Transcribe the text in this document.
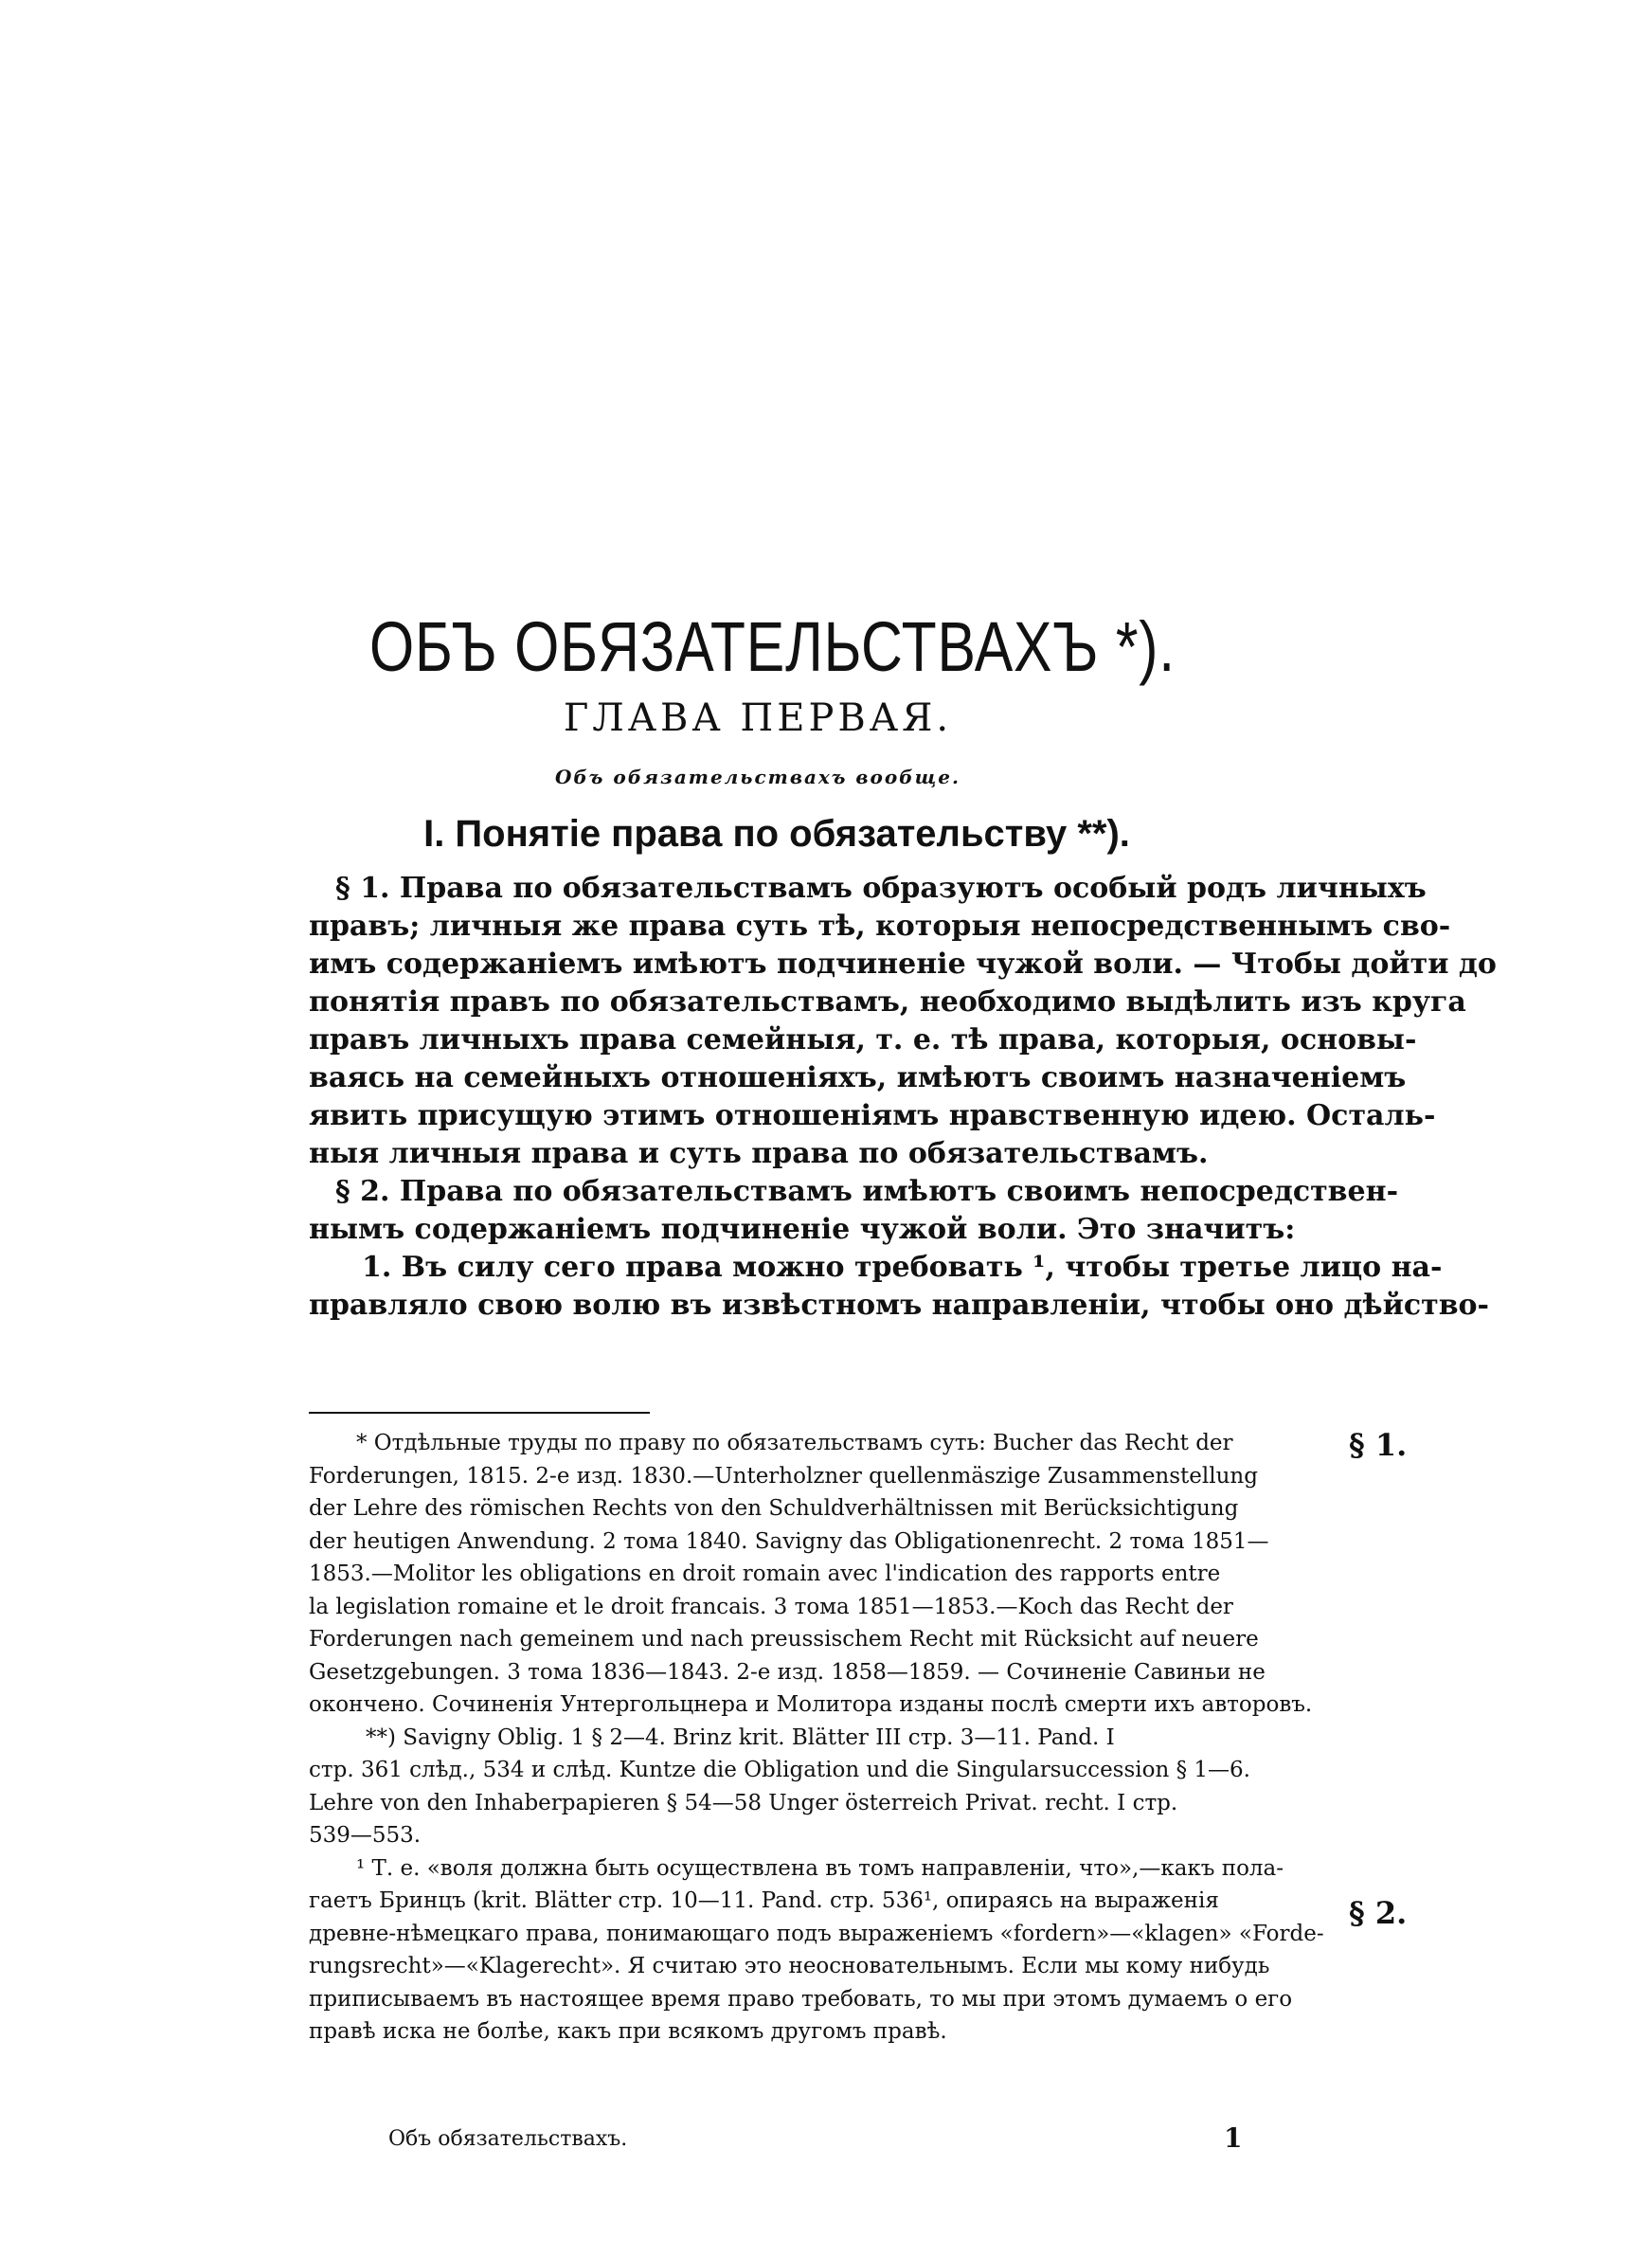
ОБЪ ОБЯЗАТЕЛЬСТВАХЪ *).
ГЛАВА ПЕРВАЯ.
Объ обязательствахъ вообще.
I. Понятіе права по обязательству **).
§ 1. Права по обязательствамъ образуютъ особый родъ личныхъ
правъ; личныя же права суть тѣ, которыя непосредственнымъ сво-
имъ содержаніемъ имѣютъ подчиненіе чужой воли. — Чтобы дойти до
понятія правъ по обязательствамъ, необходимо выдѣлить изъ круга
правъ личныхъ права семейныя, т. е. тѣ права, которыя, основы-
ваясь на семейныхъ отношеніяхъ, имѣютъ своимъ назначеніемъ
явить присущую этимъ отношеніямъ нравственную идею. Осталь-
ныя личныя права и суть права по обязательствамъ.
§ 2. Права по обязательствамъ имѣютъ своимъ непосредствен-
нымъ содержаніемъ подчиненіе чужой воли. Это значитъ:
1. Въ силу сего права можно требовать ¹, чтобы третье лицо на-
правляло свою волю въ извѣстномъ направленіи, чтобы оно дѣйство-
* Отдѣльные труды по праву по обязательствамъ суть: Bucher das Recht der
Forderungen, 1815. 2-е изд. 1830.—Unterholzner quellenmäszige Zusammenstellung
der Lehre des römischen Rechts von den Schuldverhältnissen mit Berücksichtigung
der heutigen Anwendung. 2 тома 1840. Savigny das Obligationenrecht. 2 тома 1851—
1853.—Molitor les obligations en droit romain avec l'indication des rapports entre
la legislation romaine et le droit francais. 3 тома 1851—1853.—Koch das Recht der
Forderungen nach gemeinem und nach preussischem Recht mit Rücksicht auf neuere
Gesetzgebungen. 3 тома 1836—1843. 2-е изд. 1858—1859. — Сочиненіе Савиньи не
окончено. Сочиненія Унтергольцнера и Молитора изданы послѣ смерти ихъ авторовъ.
**) Savigny Oblig. 1 § 2—4. Brinz krit. Blätter III стр. 3—11. Pand. I
стр. 361 слѣд., 534 и слѣд. Kuntze die Obligation und die Singularsuccession § 1—6.
Lehre von den Inhaberpapieren § 54—58 Unger österreich Privat. recht. I стр.
539—553.
¹ Т. е. «воля должна быть осуществлена въ томъ направленіи, что»,—какъ пола-
гаетъ Бринцъ (krit. Blätter стр. 10—11. Pand. стр. 536¹, опираясь на выраженія
древне-нѣмецкаго права, понимающаго подъ выраженіемъ «fordern»—«klagen» «Forde-
rungsrecht»—«Klagerecht». Я считаю это неосновательнымъ. Если мы кому нибудь
приписываемъ въ настоящее время право требовать, то мы при этомъ думаемъ о его
правѣ иска не болѣе, какъ при всякомъ другомъ правѣ.
§ 1.
§ 2.
Объ обязательствахъ.	1
